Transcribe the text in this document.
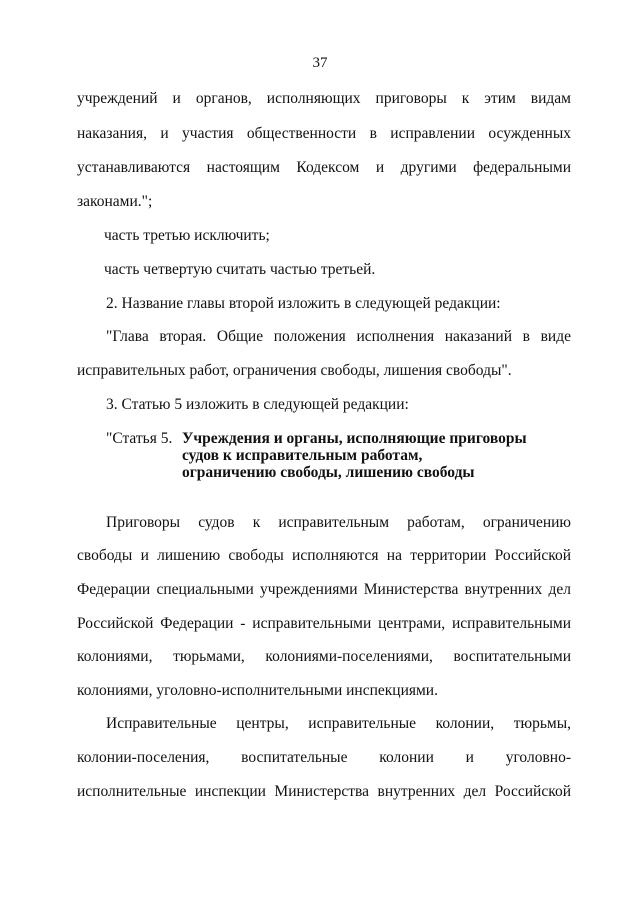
37
учреждений и органов, исполняющих приговоры к этим видам
наказания, и участия общественности в исправлении осужденных
устанавливаются настоящим Кодексом и другими федеральными
законами.";
часть третью исключить;
часть четвертую считать частью третьей.
2. Название главы второй изложить в следующей редакции:
"Глава вторая. Общие положения исполнения наказаний в виде
исправительных работ, ограничения свободы, лишения свободы".
3. Статью 5 изложить в следующей редакции:
"Статья 5. Учреждения и органы, исполняющие приговоры
судов к исправительным работам,
ограничению свободы, лишению свободы
Приговоры судов к исправительным работам, ограничению
свободы и лишению свободы исполняются на территории Российской
Федерации специальными учреждениями Министерства внутренних дел
Российской Федерации - исправительными центрами, исправительными
колониями, тюрьмами, колониями-поселениями, воспитательными
колониями, уголовно-исполнительными инспекциями.
Исправительные центры, исправительные колонии, тюрьмы,
колонии-поселения, воспитательные колонии и уголовно-
исполнительные инспекции Министерства внутренних дел Российской
